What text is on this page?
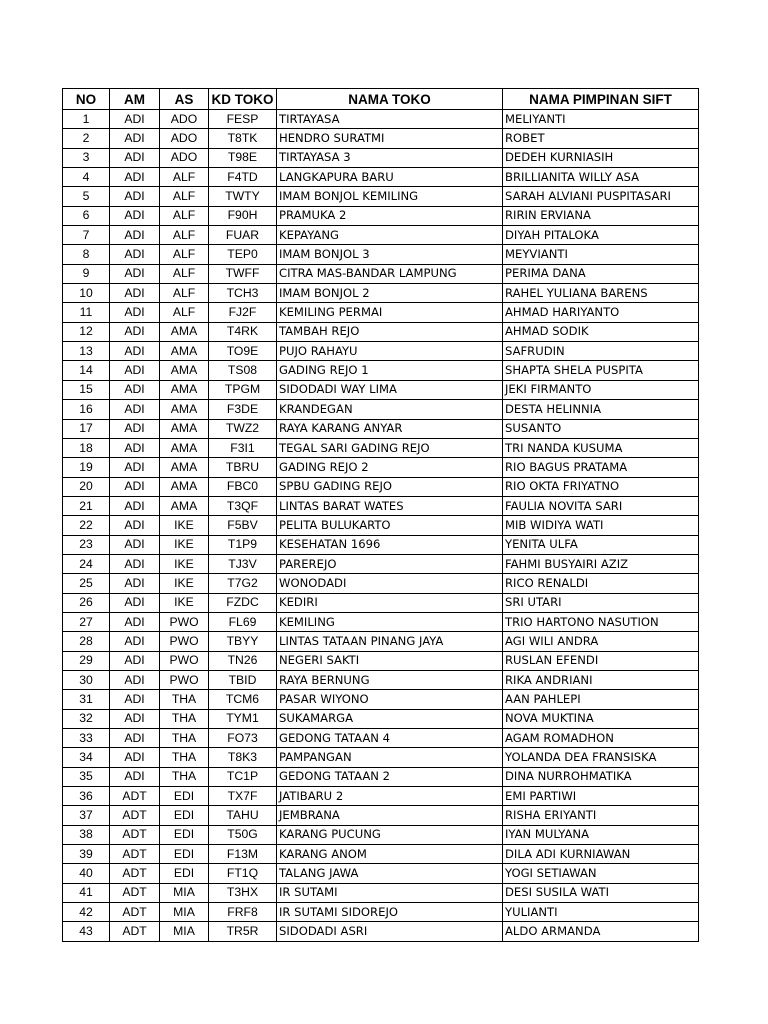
NO	AM	AS	KD TOKO	NAMA TOKO	NAMA PIMPINAN SIFT
1	ADI	ADO	FESP	TIRTAYASA	MELIYANTI
2	ADI	ADO	T8TK	HENDRO SURATMI	ROBET
3	ADI	ADO	T98E	TIRTAYASA 3	DEDEH KURNIASIH
4	ADI	ALF	F4TD	LANGKAPURA BARU	BRILLIANITA WILLY ASA
5	ADI	ALF	TWTY	IMAM BONJOL KEMILING	SARAH ALVIANI PUSPITASARI
6	ADI	ALF	F90H	PRAMUKA 2	RIRIN ERVIANA
7	ADI	ALF	FUAR	KEPAYANG	DIYAH PITALOKA
8	ADI	ALF	TEP0	IMAM BONJOL 3	MEYVIANTI
9	ADI	ALF	TWFF	CITRA MAS-BANDAR LAMPUNG	PERIMA DANA
10	ADI	ALF	TCH3	IMAM BONJOL 2	RAHEL YULIANA BARENS
11	ADI	ALF	FJ2F	KEMILING PERMAI	AHMAD HARIYANTO
12	ADI	AMA	T4RK	TAMBAH REJO	AHMAD SODIK
13	ADI	AMA	TO9E	PUJO RAHAYU	SAFRUDIN
14	ADI	AMA	TS08	GADING REJO 1	SHAPTA SHELA PUSPITA
15	ADI	AMA	TPGM	SIDODADI WAY LIMA	JEKI FIRMANTO
16	ADI	AMA	F3DE	KRANDEGAN	DESTA HELINNIA
17	ADI	AMA	TWZ2	RAYA KARANG ANYAR	SUSANTO
18	ADI	AMA	F3I1	TEGAL SARI GADING REJO	TRI NANDA KUSUMA
19	ADI	AMA	TBRU	GADING REJO 2	RIO BAGUS PRATAMA
20	ADI	AMA	FBC0	SPBU GADING REJO	RIO OKTA FRIYATNO
21	ADI	AMA	T3QF	LINTAS BARAT WATES	FAULIA NOVITA SARI
22	ADI	IKE	F5BV	PELITA BULUKARTO	MIB WIDIYA WATI
23	ADI	IKE	T1P9	KESEHATAN 1696	YENITA ULFA
24	ADI	IKE	TJ3V	PAREREJO	FAHMI BUSYAIRI AZIZ
25	ADI	IKE	T7G2	WONODADI	RICO RENALDI
26	ADI	IKE	FZDC	KEDIRI	SRI UTARI
27	ADI	PWO	FL69	KEMILING	TRIO HARTONO NASUTION
28	ADI	PWO	TBYY	LINTAS TATAAN PINANG JAYA	AGI WILI ANDRA
29	ADI	PWO	TN26	NEGERI SAKTI	RUSLAN EFENDI
30	ADI	PWO	TBID	RAYA BERNUNG	RIKA ANDRIANI
31	ADI	THA	TCM6	PASAR WIYONO	AAN PAHLEPI
32	ADI	THA	TYM1	SUKAMARGA	NOVA MUKTINA
33	ADI	THA	FO73	GEDONG TATAAN 4	AGAM ROMADHON
34	ADI	THA	T8K3	PAMPANGAN	YOLANDA DEA FRANSISKA
35	ADI	THA	TC1P	GEDONG TATAAN 2	DINA NURROHMATIKA
36	ADT	EDI	TX7F	JATIBARU 2	EMI PARTIWI
37	ADT	EDI	TAHU	JEMBRANA	RISHA ERIYANTI
38	ADT	EDI	T50G	KARANG PUCUNG	IYAN MULYANA
39	ADT	EDI	F13M	KARANG ANOM	DILA ADI KURNIAWAN
40	ADT	EDI	FT1Q	TALANG JAWA	YOGI SETIAWAN
41	ADT	MIA	T3HX	IR SUTAMI	DESI SUSILA WATI
42	ADT	MIA	FRF8	IR SUTAMI SIDOREJO	YULIANTI
43	ADT	MIA	TR5R	SIDODADI ASRI	ALDO ARMANDA
